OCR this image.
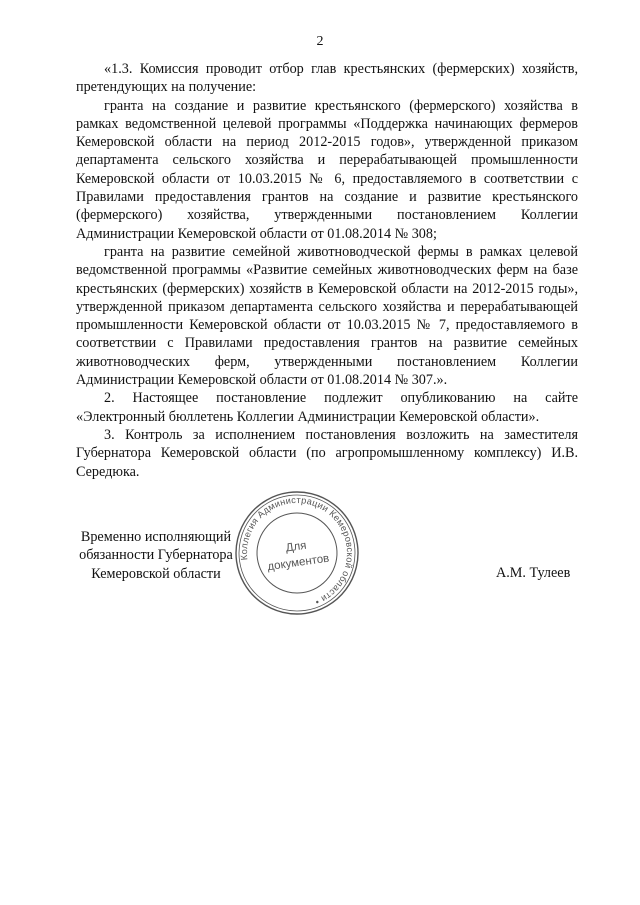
2

«1.3. Комиссия проводит отбор глав крестьянских (фермерских) хозяйств, претендующих на получение:

гранта на создание и развитие крестьянского (фермерского) хозяйства в рамках ведомственной целевой программы «Поддержка начинающих фермеров Кемеровской области на период 2012-2015 годов», утвержденной приказом департамента сельского хозяйства и перерабатывающей промышленности Кемеровской области от 10.03.2015 № 6, предоставляемого в соответствии с Правилами предоставления грантов на создание и развитие крестьянского (фермерского) хозяйства, утвержденными постановлением Коллегии Администрации Кемеровской области от 01.08.2014 № 308;

гранта на развитие семейной животноводческой фермы в рамках целевой ведомственной программы «Развитие семейных животноводческих ферм на базе крестьянских (фермерских) хозяйств в Кемеровской области на 2012-2015 годы», утвержденной приказом департамента сельского хозяйства и перерабатывающей промышленности Кемеровской области от 10.03.2015 № 7, предоставляемого в соответствии с Правилами предоставления грантов на развитие семейных животноводческих ферм, утвержденными постановлением Коллегии Администрации Кемеровской области от 01.08.2014 № 307.».

2. Настоящее постановление подлежит опубликованию на сайте «Электронный бюллетень Коллегии Администрации Кемеровской области».

3. Контроль за исполнением постановления возложить на заместителя Губернатора Кемеровской области (по агропромышленному комплексу) И.В. Середюка.

Временно исполняющий
обязанности Губернатора
Кемеровской области
Коллегия Администрации Кемеровской области •
Для
документов	А.М. Тулеев
